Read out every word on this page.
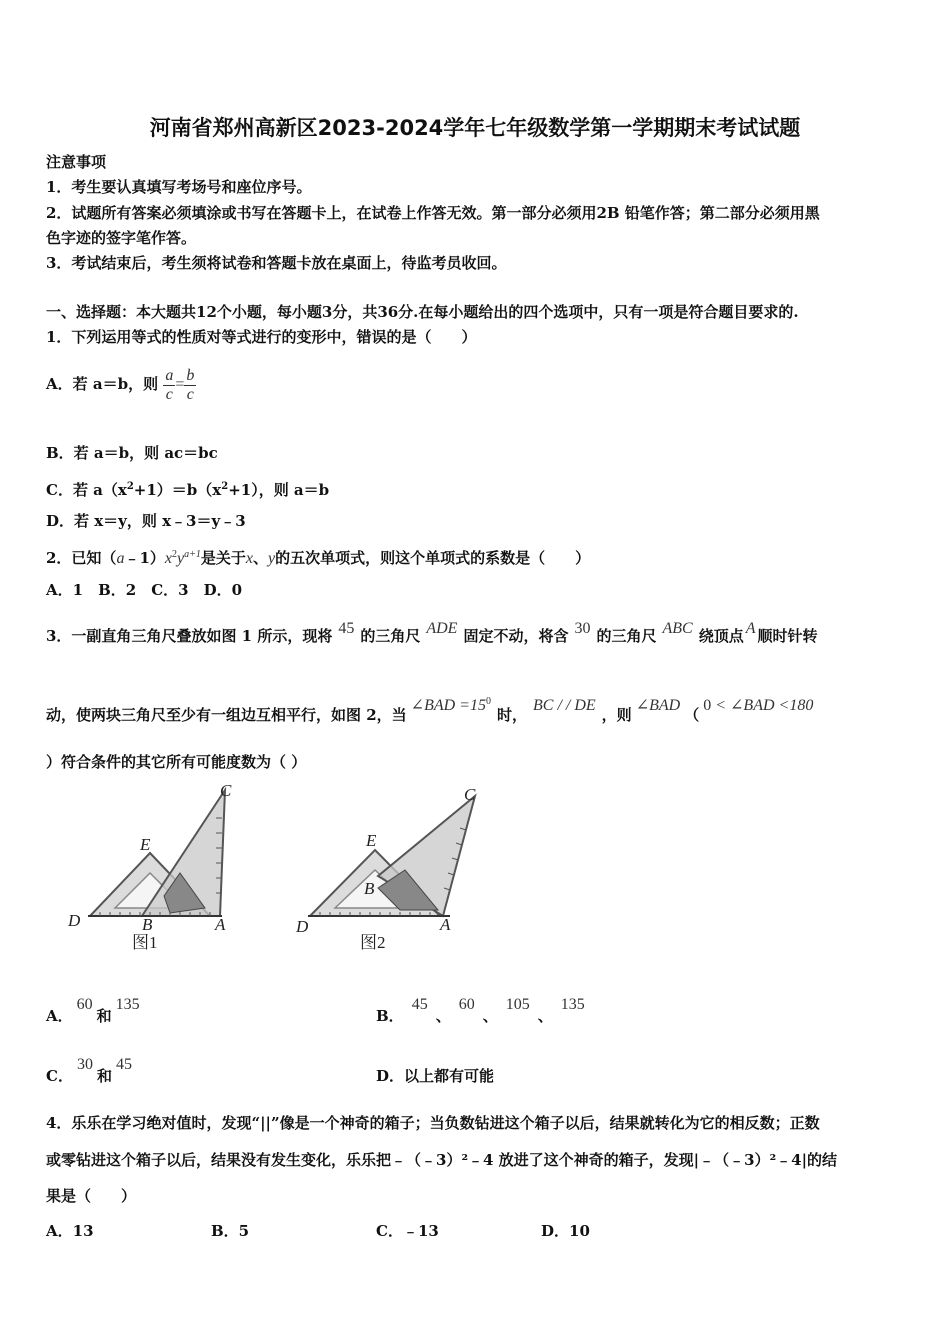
河南省郑州高新区2023-2024学年七年级数学第一学期期末考试试题
注意事项
1．考生要认真填写考场号和座位序号。
2．试题所有答案必须填涂或书写在答题卡上，在试卷上作答无效。第一部分必须用2B 铅笔作答；第二部分必须用黑
色字迹的签字笔作答。
3．考试结束后，考生须将试卷和答题卡放在桌面上，待监考员收回。
一、选择题：本大题共12个小题，每小题3分，共36分.在每小题给出的四个选项中，只有一项是符合题目要求的.
1．下列运用等式的性质对等式进行的变形中，错误的是（　　）
A．若 a＝b，则 $\frac{a}{c} = \frac{b}{c}$
B．若 a＝b，则 ac＝bc
C．若 $a(x^2+1)=b(x^2+1)$，则 a＝b
D．若 x＝y，则 x﹣3＝y﹣3
2．已知$(a﹣1)x^2y^{a+1}$是关于x、y的五次单项式，则这个单项式的系数是（　　）
A．1　B．2　C．3　D．0
3．一副直角三角尺叠放如图 1 所示，现将 45 的三角尺 ADE 固定不动，将含 30 的三角尺 ABC 绕顶点 A 顺时针转
动，使两块三角尺至少有一组边互相平行，如图 2，当∠BAD $=15^0$时，BC / / DE，则∠BAD（0 < ∠BAD <180
）符合条件的其它所有可能度数为（ ）
C
E
D	B	A
图1
C
E
B
D	A
图2
A．60和135
B．45、60、105、135
C．30和45
D．以上都有可能
4．乐乐在学习绝对值时，发现“||”像是一个神奇的箱子；当负数钻进这个箱子以后，结果就转化为它的相反数；正数
或零钻进这个箱子以后，结果没有发生变化，乐乐把﹣（﹣3）²﹣4 放进了这个神奇的箱子，发现|﹣（﹣3）²﹣4|的结
果是（　　）
A．13	B．5	C．﹣13	D．10
